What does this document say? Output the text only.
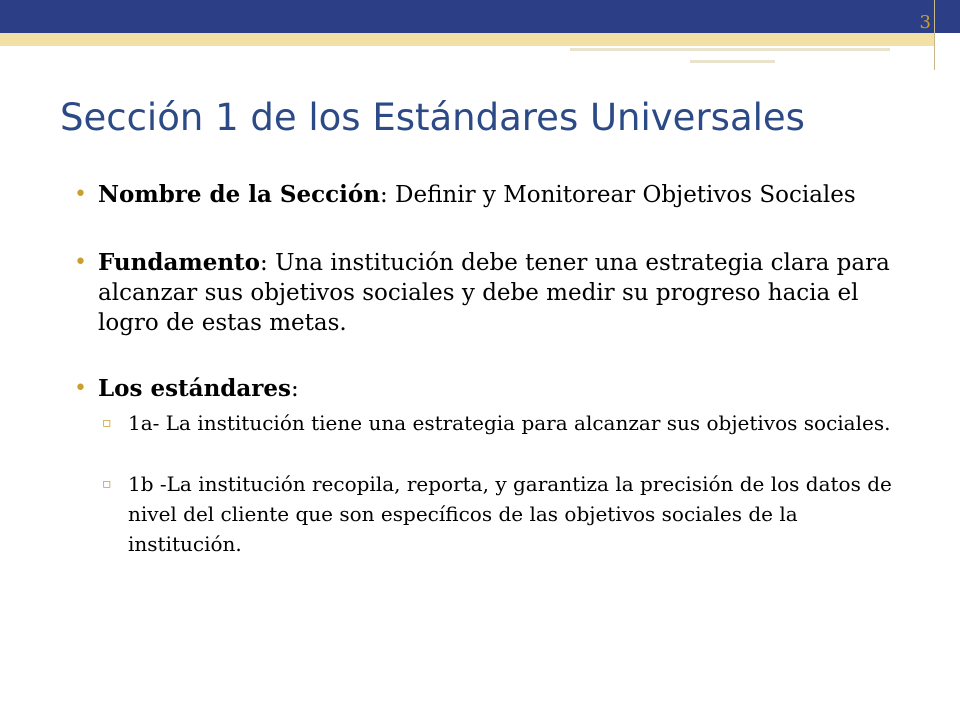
3
Sección 1 de los Estándares Universales
• Nombre de la Sección: Definir y Monitorear Objetivos Sociales
• Fundamento: Una institución debe tener una estrategia clara para alcanzar sus objetivos sociales y debe medir su progreso hacia el logro de estas metas.
• Los estándares:
▫ 1a- La institución tiene una estrategia para alcanzar sus objetivos sociales.
▫ 1b -La institución recopila, reporta, y garantiza la precisión de los datos de nivel del cliente que son específicos de las objetivos sociales de la institución.
